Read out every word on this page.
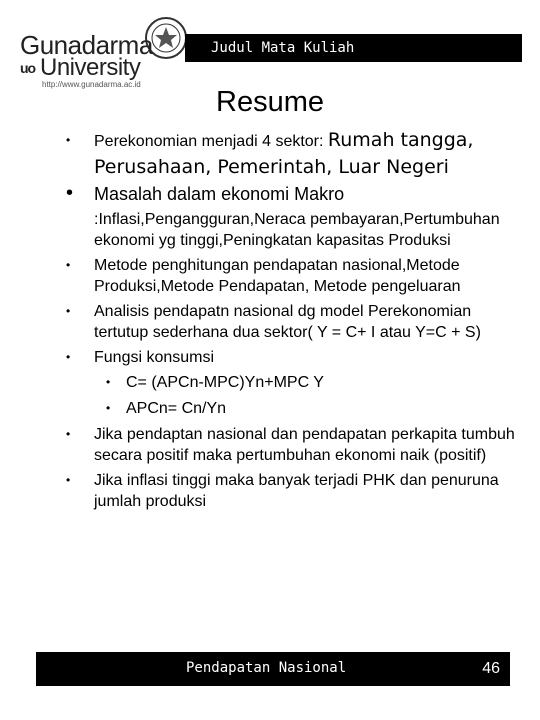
Gunadarma
uo University
http://www.gunadarma.ac.id
Judul Mata Kuliah
Resume
• Perekonomian menjadi 4 sektor: Rumah tangga,
Perusahaan, Pemerintah, Luar Negeri
• Masalah dalam ekonomi Makro
:Inflasi,Pengangguran,Neraca pembayaran,Pertumbuhan ekonomi yg tinggi,Peningkatan kapasitas Produksi
• Metode penghitungan pendapatan nasional,Metode Produksi,Metode Pendapatan, Metode pengeluaran
• Analisis pendapatn nasional dg model Perekonomian tertutup sederhana dua sektor( Y = C+ I atau Y=C + S)
• Fungsi konsumsi
• C= (APCn-MPC)Yn+MPC Y
• APCn= Cn/Yn
• Jika pendaptan nasional dan pendapatan perkapita tumbuh secara positif maka pertumbuhan ekonomi naik (positif)
• Jika inflasi tinggi maka banyak terjadi PHK dan penuruna jumlah produksi
Pendapatan Nasional	46
